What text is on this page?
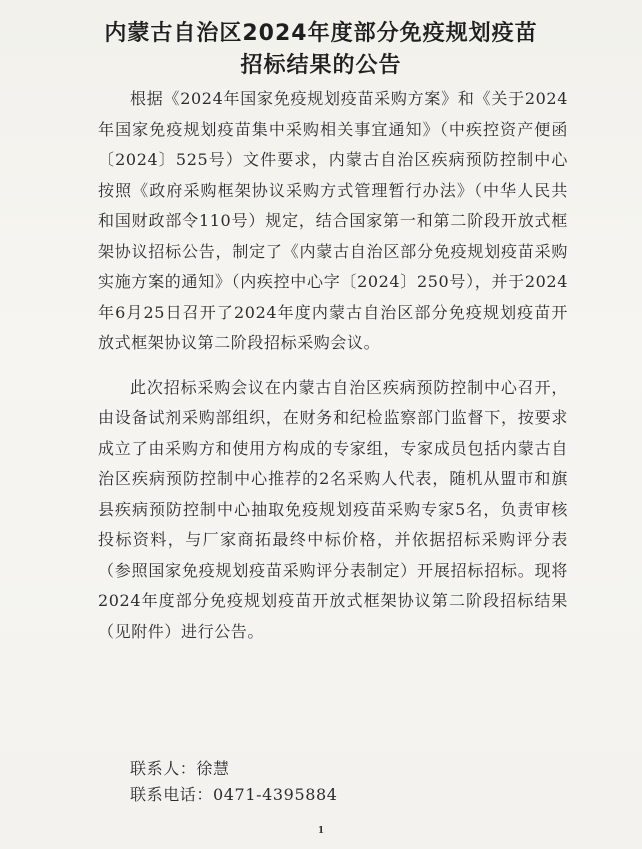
内蒙古自治区2024年度部分免疫规划疫苗
招标结果的公告

根据《2024年国家免疫规划疫苗采购方案》和《关于2024年国家免疫规划疫苗集中采购相关事宜通知》（中疾控资产便函〔2024〕525号）文件要求，内蒙古自治区疾病预防控制中心按照《政府采购框架协议采购方式管理暂行办法》（中华人民共和国财政部令110号）规定，结合国家第一和第二阶段开放式框架协议招标公告，制定了《内蒙古自治区部分免疫规划疫苗采购实施方案的通知》（内疾控中心字〔2024〕250号），并于2024年6月25日召开了2024年度内蒙古自治区部分免疫规划疫苗开放式框架协议第二阶段招标采购会议。

此次招标采购会议在内蒙古自治区疾病预防控制中心召开，由设备试剂采购部组织，在财务和纪检监察部门监督下，按要求成立了由采购方和使用方构成的专家组，专家成员包括内蒙古自治区疾病预防控制中心推荐的2名采购人代表，随机从盟市和旗县疾病预防控制中心抽取免疫规划疫苗采购专家5名，负责审核投标资料，与厂家商拓最终中标价格，并依据招标采购评分表（参照国家免疫规划疫苗采购评分表制定）开展招标招标。现将2024年度部分免疫规划疫苗开放式框架协议第二阶段招标结果（见附件）进行公告。

联系人：徐慧
联系电话：0471-4395884
1
